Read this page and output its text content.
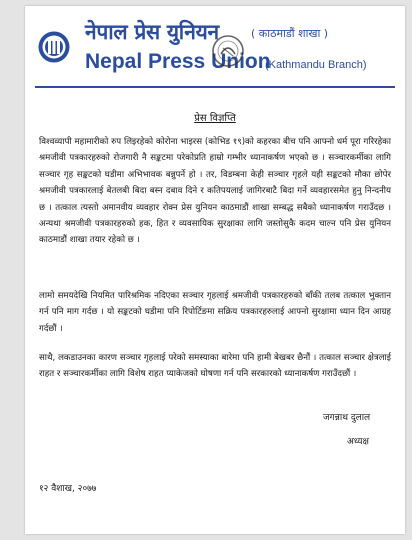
नेपाल प्रेस युनियन	( काठमाडौं शाखा )
Nepal Press Union
(Kathmandu Branch)
प्रेस विज्ञप्ति

विश्वव्यापी महामारीको रुप लिइरहेको कोरोना भाइरस (कोभिड १९)को कहरका बीच पनि आफ्नो धर्म पूरा गरिरहेका श्रमजीवी पत्रकारहरुको रोजगारी नै सङ्कटमा परेकोप्रति हाम्रो गम्भीर ध्यानाकर्षण भएको छ । सञ्चारकर्मीका लागि सञ्चार गृह सङ्कटको घडीमा अभिभावक बन्नुपर्ने हो । तर, विडम्बना केही सञ्चार गृहले यही सङ्कटको मौका छोपेर श्रमजीवी पत्रकारलाई बेतलबी बिदा बस्न दबाव दिने र कतिपयलाई जागिरबाटै बिदा गर्ने व्यवहारसमेत हुनु निन्दनीय छ । तत्काल त्यस्तो अमानवीय व्यवहार रोक्न प्रेस युनियन काठमाडौं शाखा सम्बद्ध सबैको ध्यानाकर्षण गराउँदछ । अन्यथा श्रमजीवी पत्रकारहरुको हक, हित र व्यवसायिक सुरक्षाका लागि जस्तोसुकै कदम चाल्न पनि प्रेस युनियन काठमाडौं शाखा तयार रहेको छ ।

लामो समयदेखि नियमित पारिश्रमिक नदिएका सञ्चार गृहलाई श्रमजीवी पत्रकारहरुको बाँकी तलब तत्काल भुक्तान गर्न पनि माग गर्दछ । यो सङ्कटको घडीमा पनि रिपोर्टिङमा सक्रिय पत्रकारहरुलाई आफ्नो सुरक्षामा ध्यान दिन आग्रह गर्दछौं ।

साथै, लकडाउनका कारण सञ्चार गृहलाई परेको समस्याका बारेमा पनि हामी बेखबर छैनौं । तत्काल सञ्चार क्षेत्रलाई राहत र सञ्चारकर्मीका लागि विशेष राहत प्याकेजको घोषणा गर्न पनि सरकारको ध्यानाकर्षण गराउँदछौं ।

जगन्नाथ दुलाल
अध्यक्ष
१२ वैशाख, २०७७
